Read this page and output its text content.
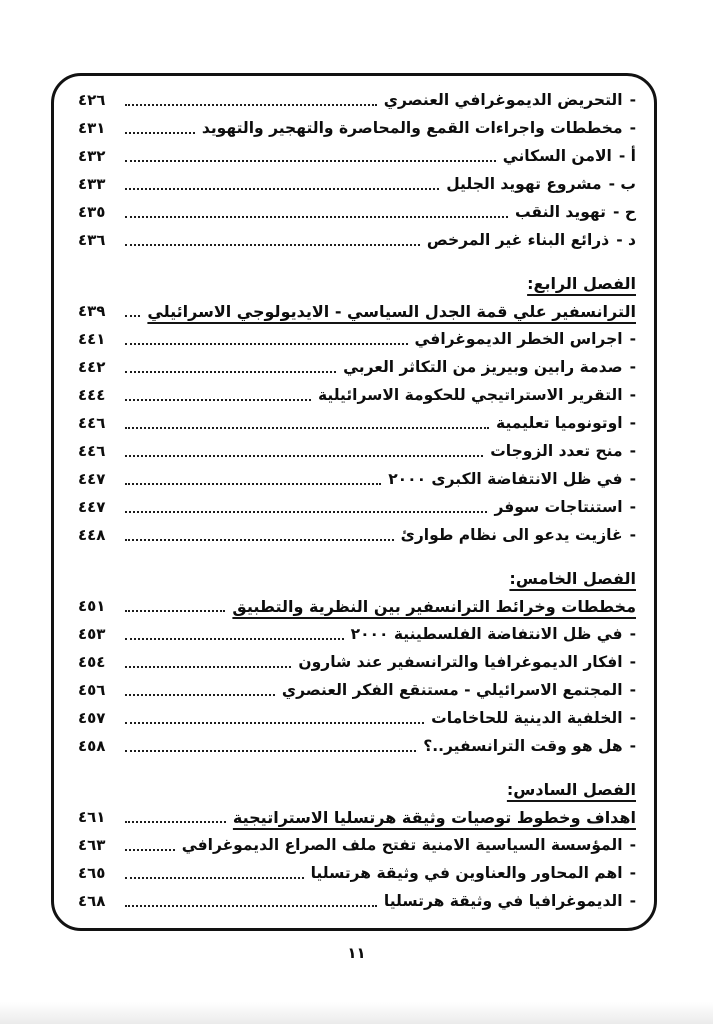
-
التحريض الديموغرافي العنصري
٤٢٦
-
مخططات واجراءات القمع والمحاصرة والتهجير والتهويد
٤٣١
أ -
الامن السكاني
٤٣٢
ب -
مشروع تهويد الجليل
٤٣٣
ح -
تهويد النقب
٤٣٥
د -
ذرائع البناء غير المرخص
٤٣٦
الفصل الرابع:
الترانسفير علي قمة الجدل السياسي - الايديولوجي الاسرائيلي
٤٣٩
-
اجراس الخطر الديموغرافي
٤٤١
-
صدمة رابين وبيريز من التكاثر العربي
٤٤٢
-
التقرير الاستراتيجي للحكومة الاسرائيلية
٤٤٤
-
اوتونوميا تعليمية
٤٤٦
-
منح تعدد الزوجات
٤٤٦
-
في ظل الانتفاضة الكبرى ٢٠٠٠
٤٤٧
-
استنتاجات سوفر
٤٤٧
-
غازيت يدعو الى نظام طوارئ
٤٤٨
الفصل الخامس:
مخططات وخرائط الترانسفير بين النظرية والتطبيق
٤٥١
-
في ظل الانتفاضة الفلسطينية ٢٠٠٠
٤٥٣
-
افكار الديموغرافيا والترانسفير عند شارون
٤٥٤
-
المجتمع الاسرائيلي - مستنقع الفكر العنصري
٤٥٦
-
الخلفية الدينية للحاخامات
٤٥٧
-
هل هو وقت الترانسفير..؟
٤٥٨
الفصل السادس:
اهداف وخطوط توصيات وثيقة هرتسليا الاستراتيجية
٤٦١
-
المؤسسة السياسية الامنية تفتح ملف الصراع الديموغرافي
٤٦٣
-
اهم المحاور والعناوين في وثيقة هرتسليا
٤٦٥
-
الديموغرافيا في وثيقة هرتسليا
٤٦٨
١١
